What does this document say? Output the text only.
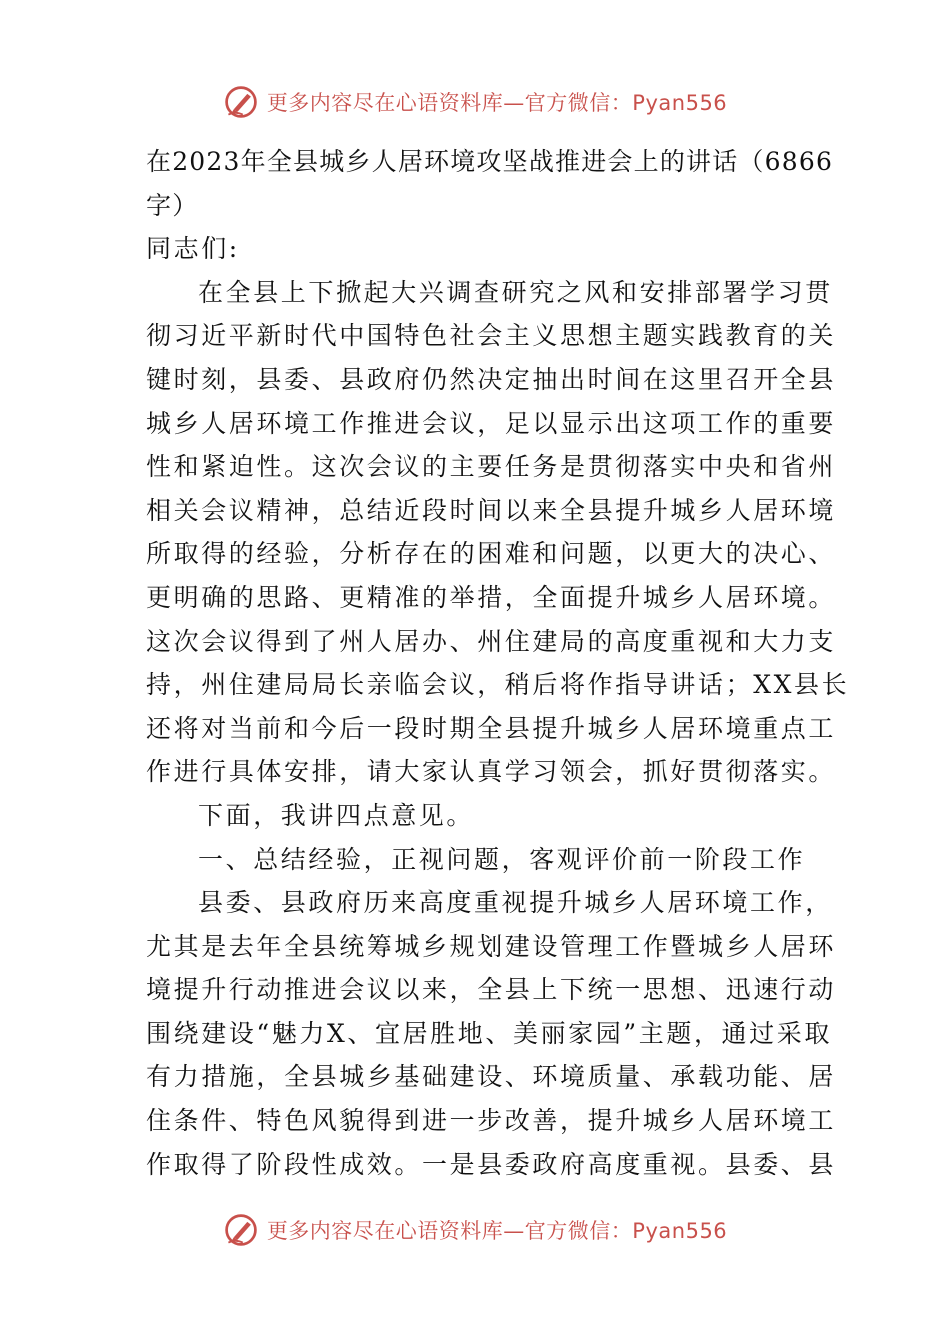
更多内容尽在心语资料库—官方微信：Pyan556
在2023年全县城乡人居环境攻坚战推进会上的讲话（6866
字）
同志们:
在全县上下掀起大兴调查研究之风和安排部署学习贯
彻习近平新时代中国特色社会主义思想主题实践教育的关
键时刻，县委、县政府仍然决定抽出时间在这里召开全县
城乡人居环境工作推进会议，足以显示出这项工作的重要
性和紧迫性。这次会议的主要任务是贯彻落实中央和省州
相关会议精神，总结近段时间以来全县提升城乡人居环境
所取得的经验，分析存在的困难和问题，以更大的决心、
更明确的思路、更精准的举措，全面提升城乡人居环境。
这次会议得到了州人居办、州住建局的高度重视和大力支
持，州住建局局长亲临会议，稍后将作指导讲话；XX县长
还将对当前和今后一段时期全县提升城乡人居环境重点工
作进行具体安排，请大家认真学习领会，抓好贯彻落实。
下面，我讲四点意见。
一、总结经验，正视问题，客观评价前一阶段工作
县委、县政府历来高度重视提升城乡人居环境工作，
尤其是去年全县统筹城乡规划建设管理工作暨城乡人居环
境提升行动推进会议以来，全县上下统一思想、迅速行动
围绕建设“魅力X、宜居胜地、美丽家园”主题，通过采取
有力措施，全县城乡基础建设、环境质量、承载功能、居
住条件、特色风貌得到进一步改善，提升城乡人居环境工
作取得了阶段性成效。一是县委政府高度重视。县委、县
更多内容尽在心语资料库—官方微信：Pyan556
